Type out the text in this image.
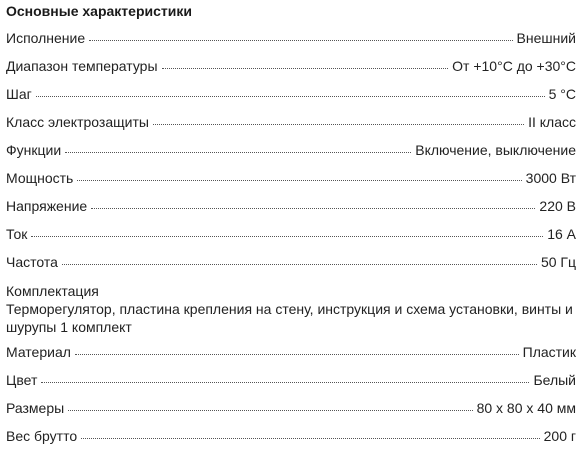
Основные характеристики
Исполнение	Внешний
Диапазон температуры	От +10°C до +30°C
Шаг	5 °С
Класс электрозащиты	II класс
Функции	Включение, выключение
Мощность	3000 Вт
Напряжение	220 В
Ток	16 А
Частота	50 Гц
Комплектация
Терморегулятор, пластина крепления на стену, инструкция и схема установки, винты и шурупы 1 комплект
Материал	Пластик
Цвет	Белый
Размеры	80 х 80 х 40 мм
Вес брутто	200 г
